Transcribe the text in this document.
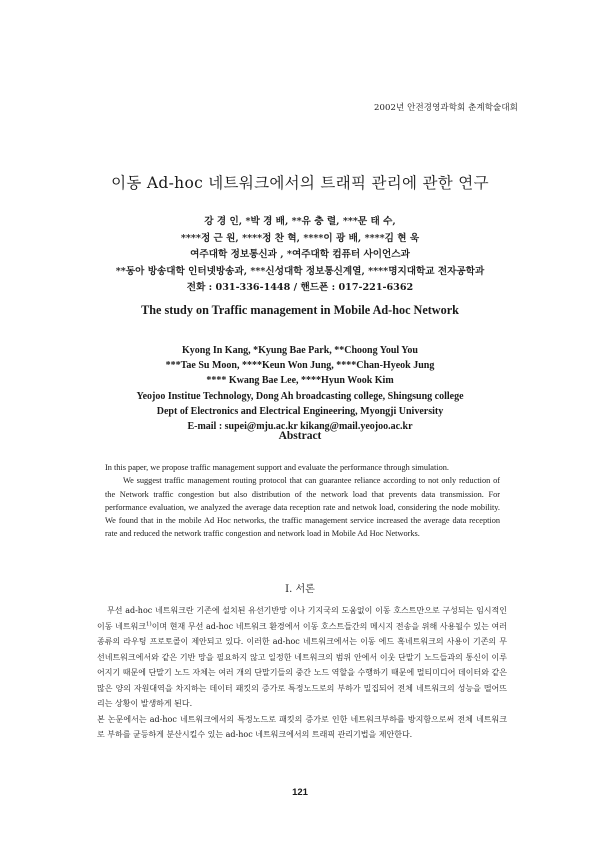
2002년 안전경영과학회 춘계학술대회
이동 Ad-hoc 네트워크에서의 트래픽 관리에 관한 연구
강 경 인, *박 경 배, **유 충 렬, ***문 태 수,
****정 근 원, ****정 찬 혁, ****이 광 배, ****김 현 욱
여주대학 정보통신과 , *여주대학 컴퓨터 사이언스과
**동아 방송대학 인터넷방송과, ***신성대학 정보통신계열, ****명지대학교 전자공학과
전화 : 031-336-1448 / 핸드폰 : 017-221-6362
The study on Traffic management in Mobile Ad-hoc Network
Kyong In Kang, *Kyung Bae Park, **Choong Youl You
***Tae Su Moon, ****Keun Won Jung, ****Chan-Hyeok Jung
**** Kwang Bae Lee, ****Hyun Wook Kim
Yeojoo Institue Technology, Dong Ah broadcasting college, Shingsung college
Dept of Electronics and Electrical Engineering, Myongji University
E-mail : supei@mju.ac.kr kikang@mail.yeojoo.ac.kr
Abstract

In this paper, we propose traffic management support and evaluate the performance through simulation.

We suggest traffic management routing protocol that can guarantee reliance according to not only reduction of the Network traffic congestion but also distribution of the network load that prevents data transmission. For performance evaluation, we analyzed the average data reception rate and netwok load, considering the node mobility. We found that in the mobile Ad Hoc networks, the traffic management service increased the average data reception rate and reduced the network traffic congestion and network load in Mobile Ad Hoc Networks.

I. 서론

무선 ad-hoc 네트워크란 기존에 설치된 유선기반망 이나 기지국의 도움없이 이동 호스트만으로 구성되는 임시적인 이동 네트워크$^{1)}$이며 현재 무선 ad-hoc 네트워크 환경에서 이동 호스트들간의 메시지 전송을 위해 사용될수 있는 여러 종류의 라우팅 프로토콜이 제안되고 있다. 이러한 ad-hoc 네트워크에서는 이동 에드 혹네트워크의 사용이 기존의 무선네트워크에서와 같은 기반 망을 필요하지 않고 일정한 네트워크의 범위 안에서 이웃 단말기 노드들과의 통신이 이루어지기 때문에 단말기 노드 자체는 여러 개의 단말기들의 중간 노드 역할을 수행하기 때문에 멀티미디어 데이터와 같은 많은 양의 자원대역을 차지하는 데이터 패킷의 증가로 특정노드로의 부하가 밀집되어 전체 네트워크의 성능을 떨어뜨리는 상황이 발생하게 된다.

본 논문에서는 ad-hoc 네트워크에서의 특정노드로 패킷의 증가로 인한 네트워크부하를 방지함으로써 전체 네트워크로 부하를 균등하게 분산시킬수 있는 ad-hoc 네트워크에서의 트래픽 관리기법을 제안한다.

121
